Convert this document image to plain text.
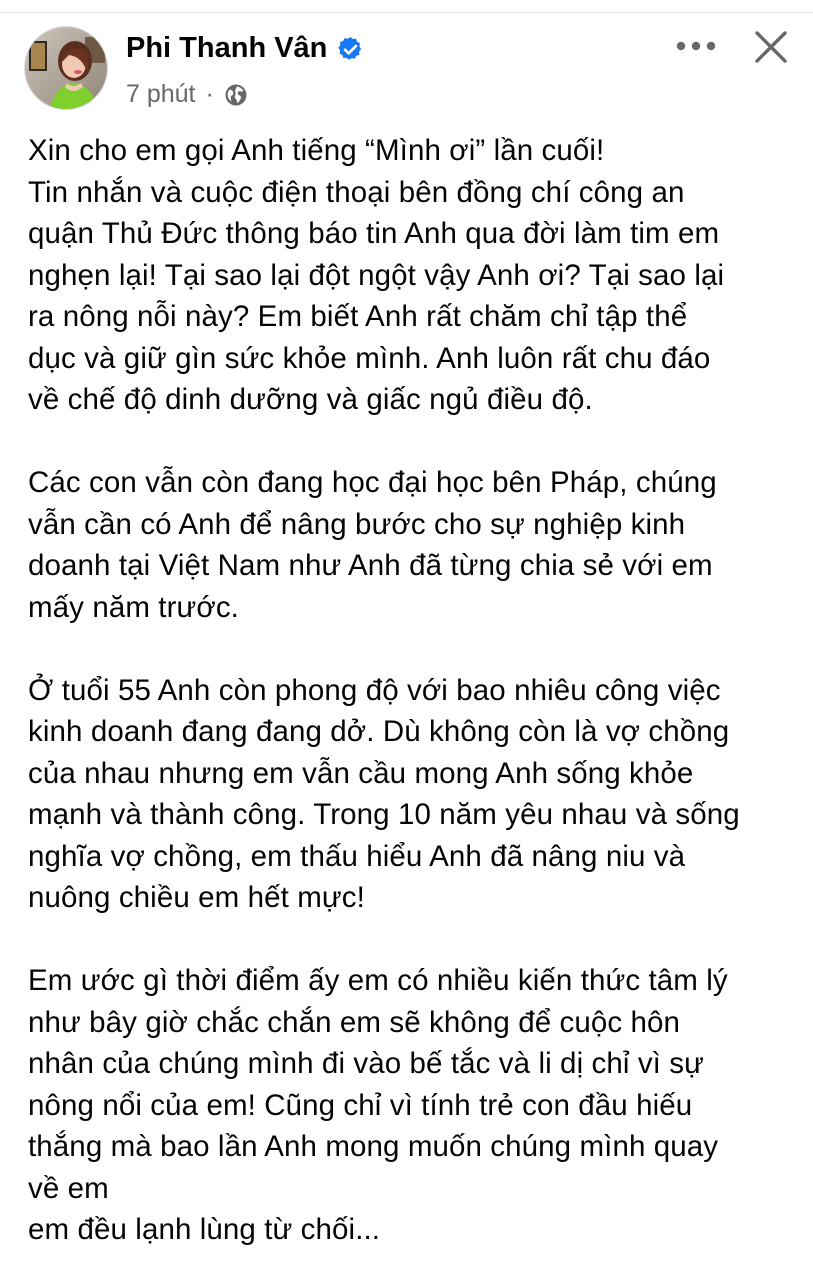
Phi Thanh Vân
7 phút ·

Xin cho em gọi Anh tiếng “Mình ơi” lần cuối!
Tin nhắn và cuộc điện thoại bên đồng chí công an
quận Thủ Đức thông báo tin Anh qua đời làm tim em
nghẹn lại! Tại sao lại đột ngột vậy Anh ơi? Tại sao lại
ra nông nỗi này? Em biết Anh rất chăm chỉ tập thể
dục và giữ gìn sức khỏe mình. Anh luôn rất chu đáo
về chế độ dinh dưỡng và giấc ngủ điều độ.

Các con vẫn còn đang học đại học bên Pháp, chúng
vẫn cần có Anh để nâng bước cho sự nghiệp kinh
doanh tại Việt Nam như Anh đã từng chia sẻ với em
mấy năm trước.

Ở tuổi 55 Anh còn phong độ với bao nhiêu công việc
kinh doanh đang đang dở. Dù không còn là vợ chồng
của nhau nhưng em vẫn cầu mong Anh sống khỏe
mạnh và thành công. Trong 10 năm yêu nhau và sống
nghĩa vợ chồng, em thấu hiểu Anh đã nâng niu và
nuông chiều em hết mực!

Em ước gì thời điểm ấy em có nhiều kiến thức tâm lý
như bây giờ chắc chắn em sẽ không để cuộc hôn
nhân của chúng mình đi vào bế tắc và li dị chỉ vì sự
nông nổi của em! Cũng chỉ vì tính trẻ con đầu hiếu
thắng mà bao lần Anh mong muốn chúng mình quay
về em
em đều lạnh lùng từ chối...
